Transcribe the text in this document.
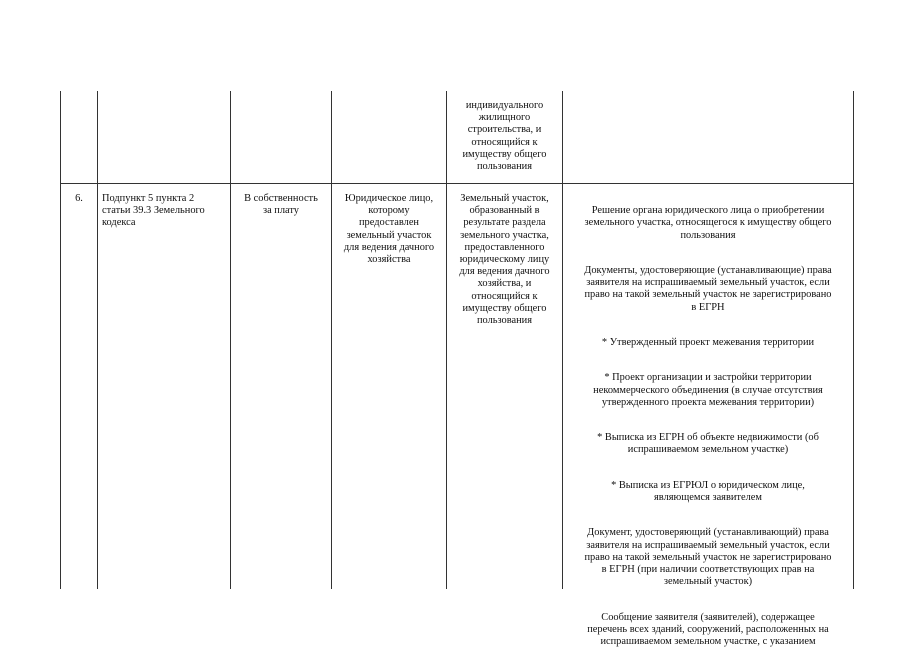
индивидуального
жилищного
строительства, и
относящийся к
имуществу общего
пользования
6.	Подпункт 5 пункта 2
статьи 39.3 Земельного
кодекса
В собственность
за плату
Юридическое лицо,
которому
предоставлен
земельный участок
для ведения дачного
хозяйства
Земельный участок,
образованный в
результате раздела
земельного участка,
предоставленного
юридическому лицу
для ведения дачного
хозяйства, и
относящийся к
имуществу общего
пользования

Решение органа юридического лица о приобретении
земельного участка, относящегося к имуществу общего
пользования

Документы, удостоверяющие (устанавливающие) права
заявителя на испрашиваемый земельный участок, если
право на такой земельный участок не зарегистрировано
в ЕГРН

* Утвержденный проект межевания территории

* Проект организации и застройки территории
некоммерческого объединения (в случае отсутствия
утвержденного проекта межевания территории)

* Выписка из ЕГРН об объекте недвижимости (об
испрашиваемом земельном участке)

* Выписка из ЕГРЮЛ о юридическом лице,
являющемся заявителем

Документ, удостоверяющий (устанавливающий) права
заявителя на испрашиваемый земельный участок, если
право на такой земельный участок не зарегистрировано
в ЕГРН (при наличии соответствующих прав на
земельный участок)

Сообщение заявителя (заявителей), содержащее
перечень всех зданий, сооружений, расположенных на
испрашиваемом земельном участке, с указанием
